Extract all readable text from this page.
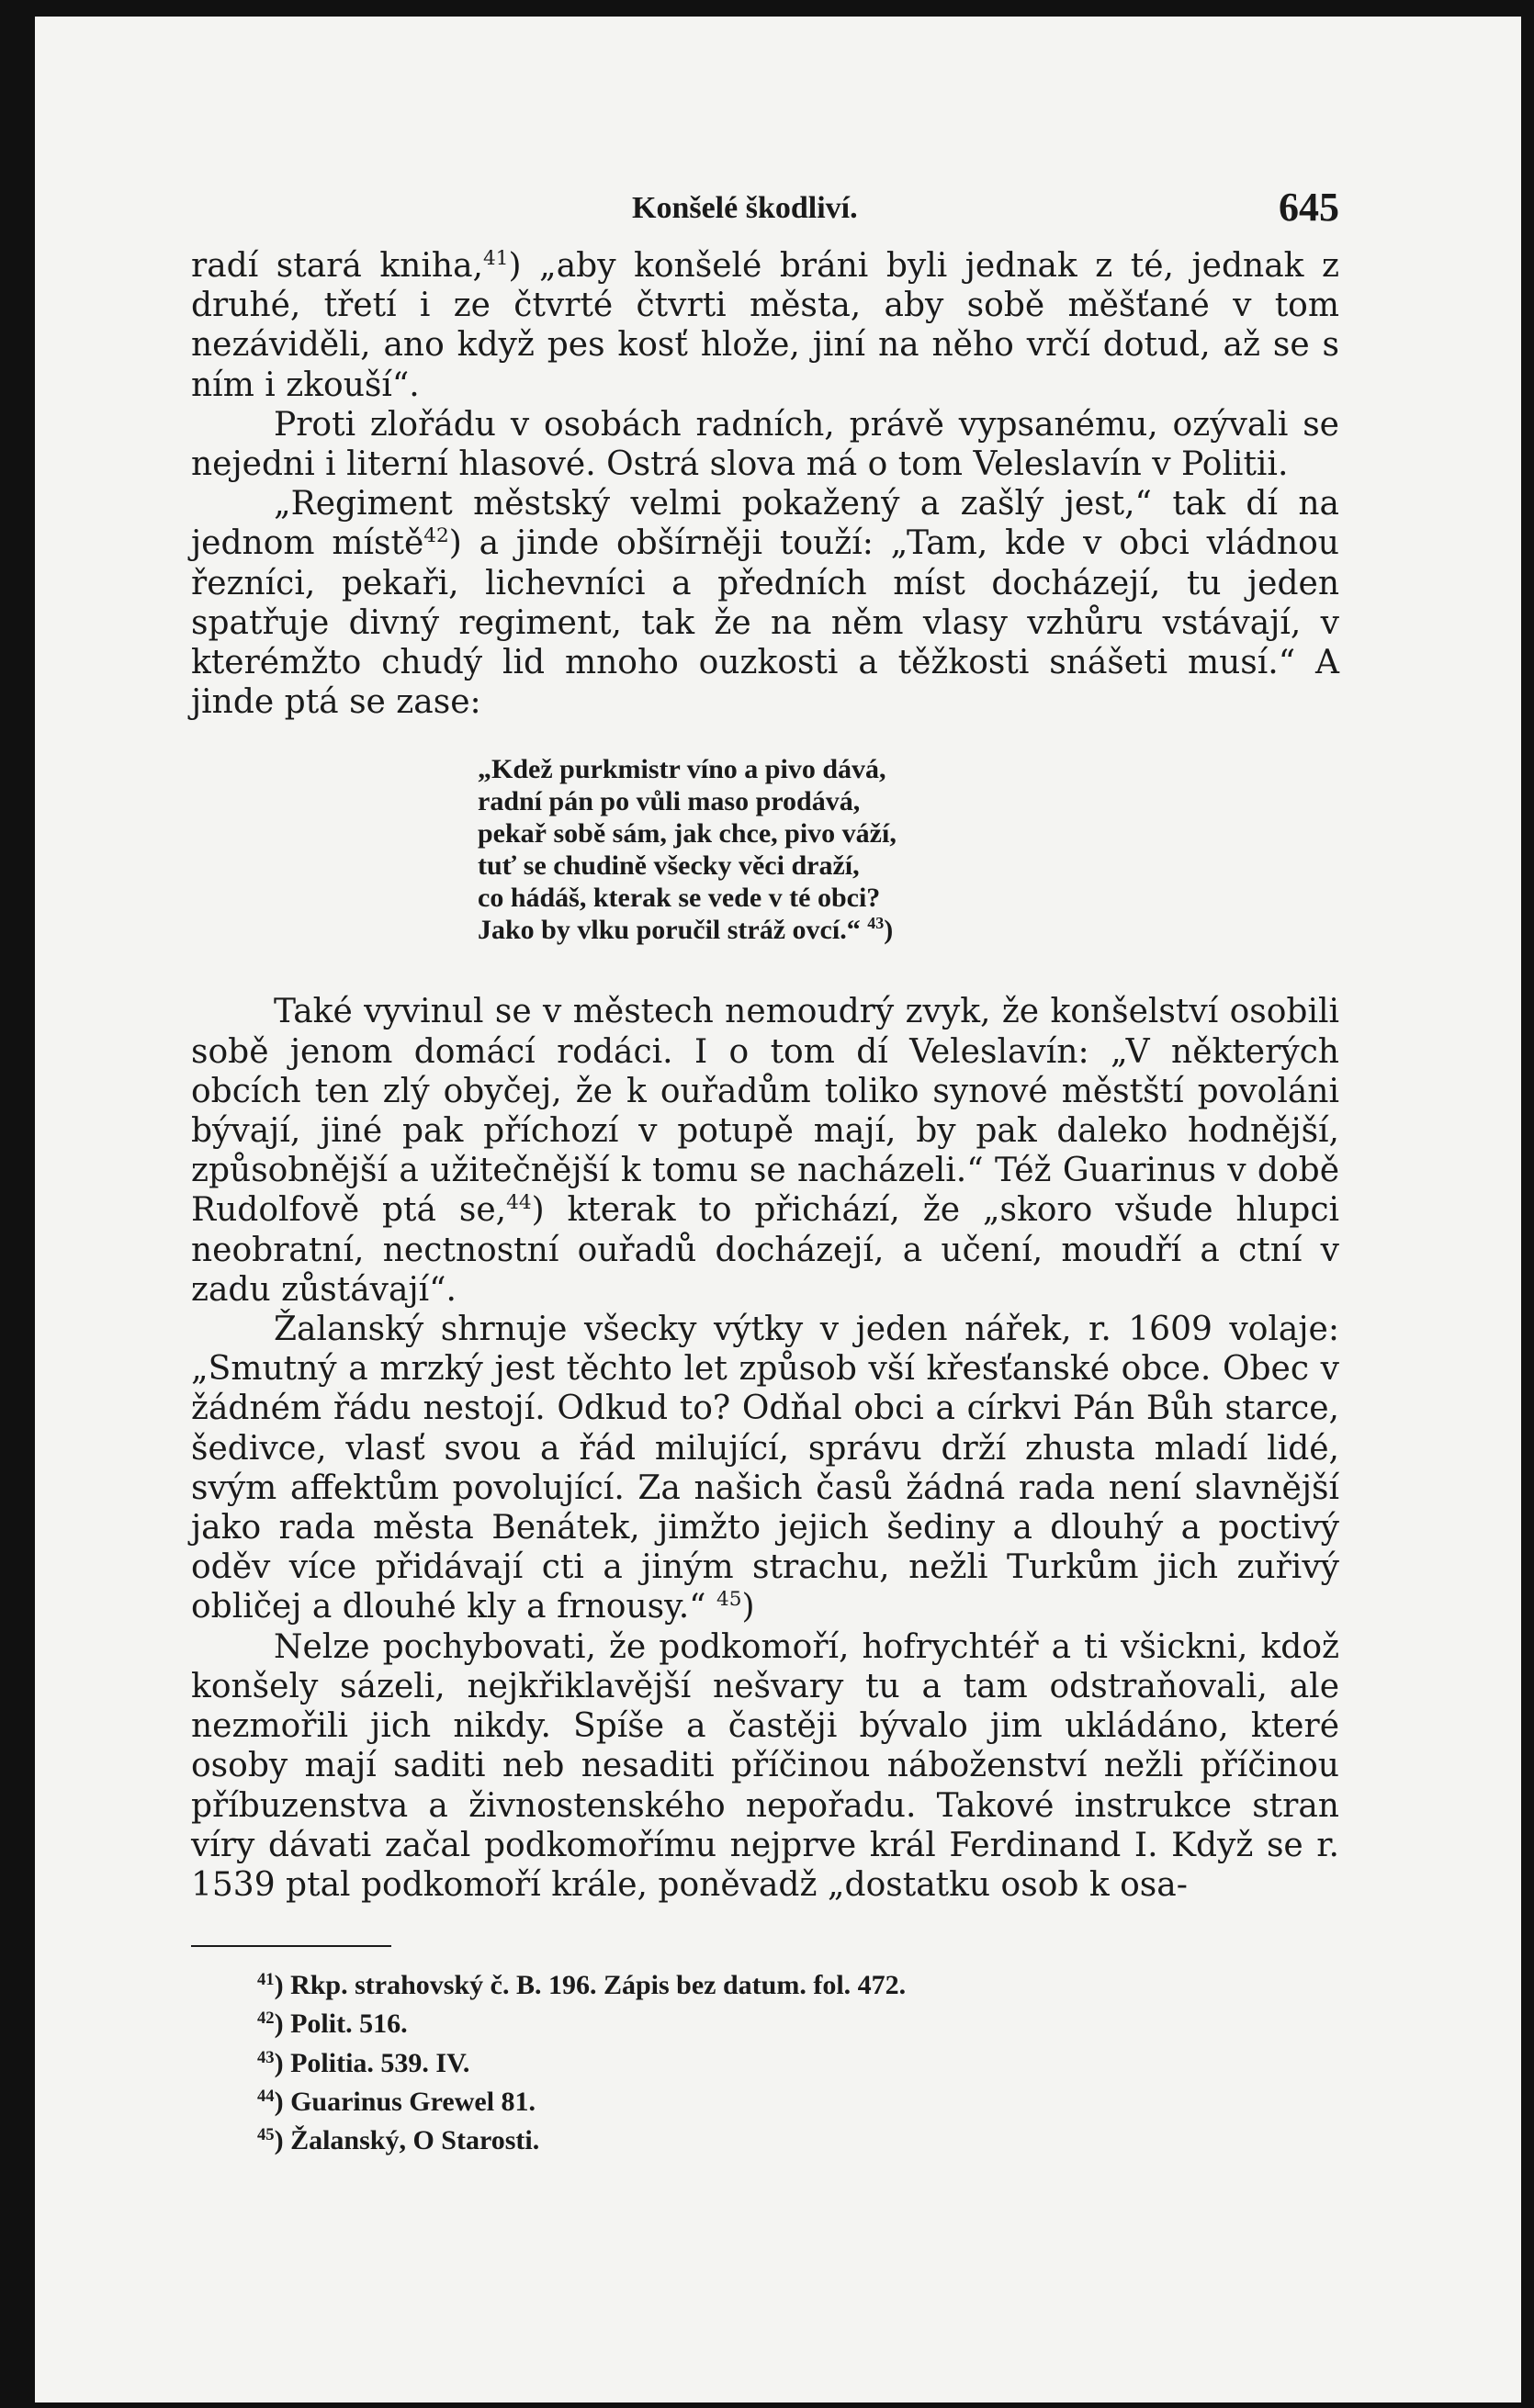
Konšelé škodliví.	645

radí stará kniha,$^{41}$) „aby konšelé bráni byli jednak z té, jednak z druhé, třetí i ze čtvrté čtvrti města, aby sobě měšťané v tom nezáviděli, ano když pes kosť hlože, jiní na něho vrčí dotud, až se s ním i zkouší“.

Proti zlořádu v osobách radních, právě vypsanému, ozývali se nejedni i literní hlasové. Ostrá slova má o tom Veleslavín v Politii.

„Regiment městský velmi pokažený a zašlý jest,“ tak dí na jednom místě$^{42}$) a jinde obšírněji touží: „Tam, kde v obci vládnou řezníci, pekaři, lichevníci a předních míst docházejí, tu jeden spatřuje divný regiment, tak že na něm vlasy vzhůru vstávají, v kterémžto chudý lid mnoho ouzkosti a těžkosti snášeti musí.“ A jinde ptá se zase:

„Kdež purkmistr víno a pivo dává,
radní pán po vůli maso prodává,
pekař sobě sám, jak chce, pivo váží,
tuť se chudině všecky věci draží,
co hádáš, kterak se vede v té obci?
Jako by vlku poručil stráž ovcí.“ $^{43}$)

Také vyvinul se v městech nemoudrý zvyk, že konšelství osobili sobě jenom domácí rodáci. I o tom dí Veleslavín: „V některých obcích ten zlý obyčej, že k ouřadům toliko synové městští povoláni bývají, jiné pak příchozí v potupě mají, by pak daleko hodnější, způsobnější a užitečnější k tomu se nacházeli.“ Též Guarinus v době Rudolfově ptá se,$^{44}$) kterak to přichází, že „skoro všude hlupci neobratní, nectnostní ouřadů docházejí, a učení, moudří a ctní v zadu zůstávají“.

Žalanský shrnuje všecky výtky v jeden nářek, r. 1609 volaje: „Smutný a mrzký jest těchto let způsob vší křesťanské obce. Obec v žádném řádu nestojí. Odkud to? Odňal obci a církvi Pán Bůh starce, šedivce, vlasť svou a řád milující, správu drží zhusta mladí lidé, svým affektům povolující. Za našich časů žádná rada není slavnější jako rada města Benátek, jimžto jejich šediny a dlouhý a poctivý oděv více přidávají cti a jiným strachu, nežli Turkům jich zuřivý obličej a dlouhé kly a frnousy.“ $^{45}$)

Nelze pochybovati, že podkomoří, hofrychtéř a ti všickni, kdož konšely sázeli, nejkřiklavější nešvary tu a tam odstraňovali, ale nezmořili jich nikdy. Spíše a častěji bývalo jim ukládáno, které osoby mají saditi neb nesaditi příčinou náboženství nežli příčinou příbuzenstva a živnostenského nepořadu. Takové instrukce stran víry dávati začal podkomořímu nejprve král Ferdinand I. Když se r. 1539 ptal podkomoří krále, poněvadž „dostatku osob k osa-

$^{41}$) Rkp. strahovský č. B. 196. Zápis bez datum. fol. 472.
$^{42}$) Polit. 516.
$^{43}$) Politia. 539. IV.
$^{44}$) Guarinus Grewel 81.
$^{45}$) Žalanský, O Starosti.
